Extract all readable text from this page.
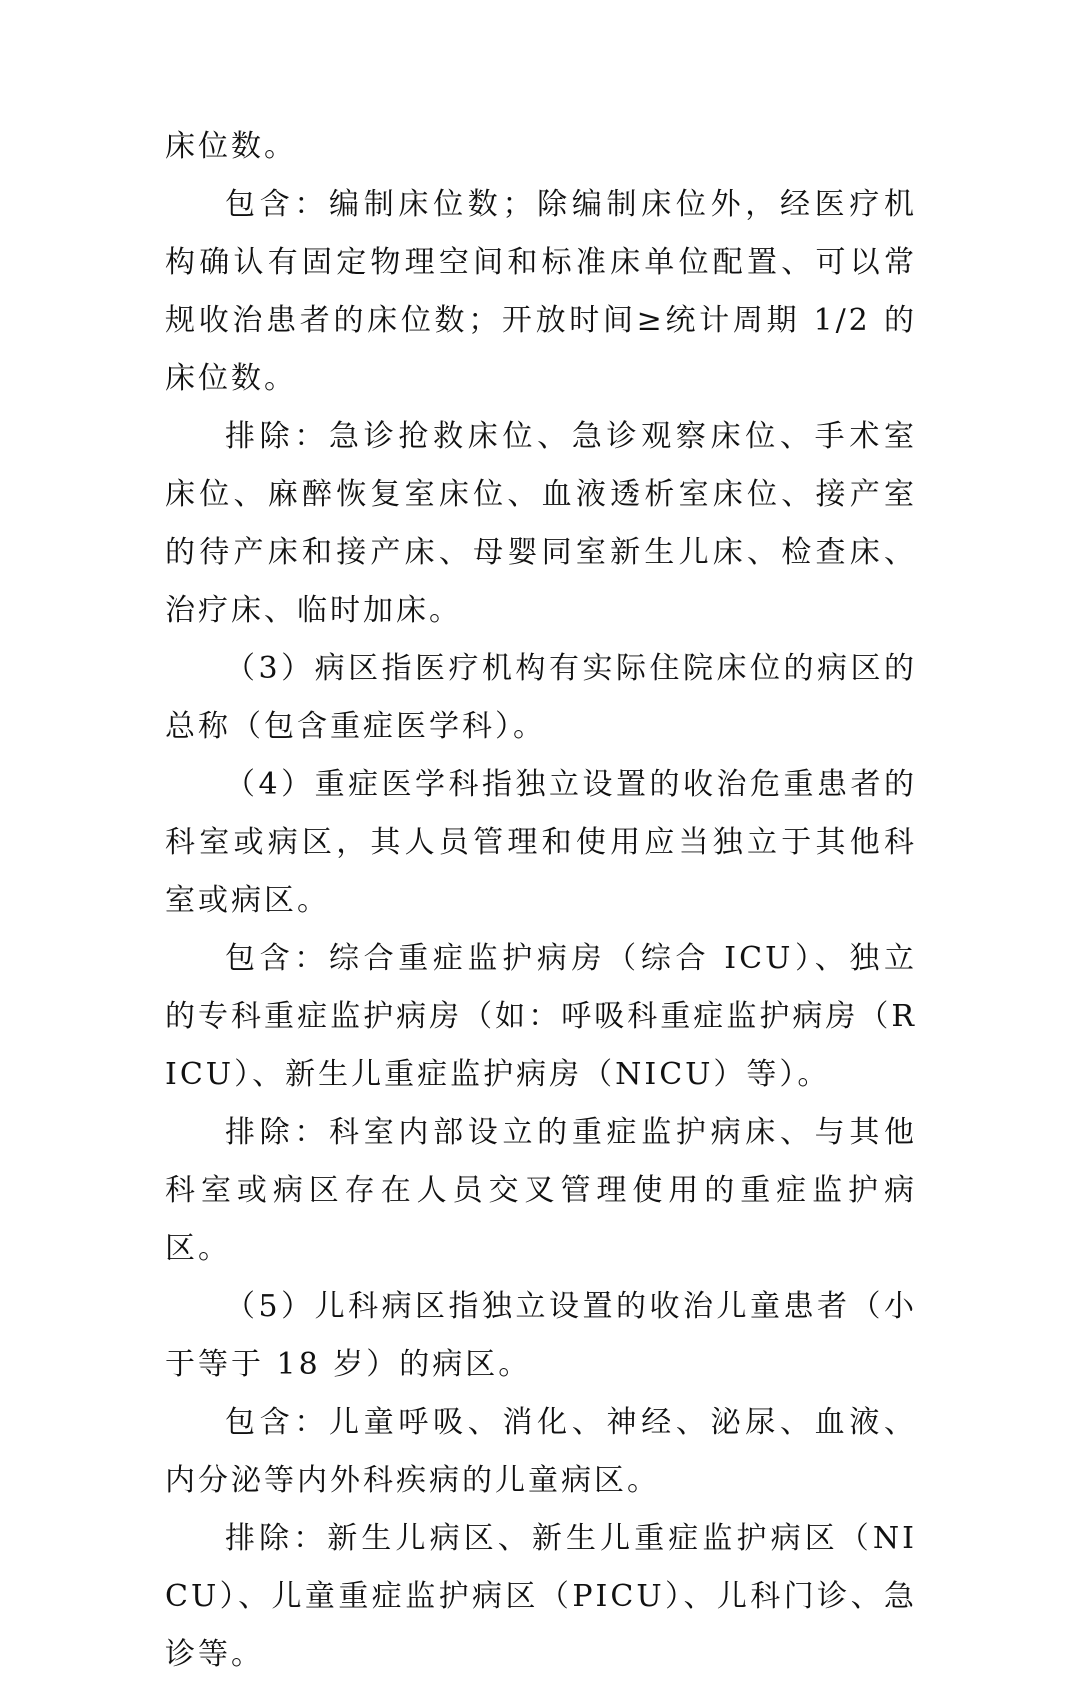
床位数。

包含：编制床位数；除编制床位外，经医疗机构确认有固定物理空间和标准床单位配置、可以常规收治患者的床位数；开放时间≥统计周期 1/2 的床位数。

排除：急诊抢救床位、急诊观察床位、手术室床位、麻醉恢复室床位、血液透析室床位、接产室的待产床和接产床、母婴同室新生儿床、检查床、治疗床、临时加床。

（3）病区指医疗机构有实际住院床位的病区的总称（包含重症医学科）。

（4）重症医学科指独立设置的收治危重患者的科室或病区，其人员管理和使用应当独立于其他科室或病区。

包含：综合重症监护病房（综合 ICU）、独立的专科重症监护病房（如：呼吸科重症监护病房（RICU）、新生儿重症监护病房（NICU）等）。

排除：科室内部设立的重症监护病床、与其他科室或病区存在人员交叉管理使用的重症监护病区。

（5）儿科病区指独立设置的收治儿童患者（小于等于 18 岁）的病区。

包含：儿童呼吸、消化、神经、泌尿、血液、内分泌等内外科疾病的儿童病区。

排除：新生儿病区、新生儿重症监护病区（NICU）、儿童重症监护病区（PICU）、儿科门诊、急诊等。
